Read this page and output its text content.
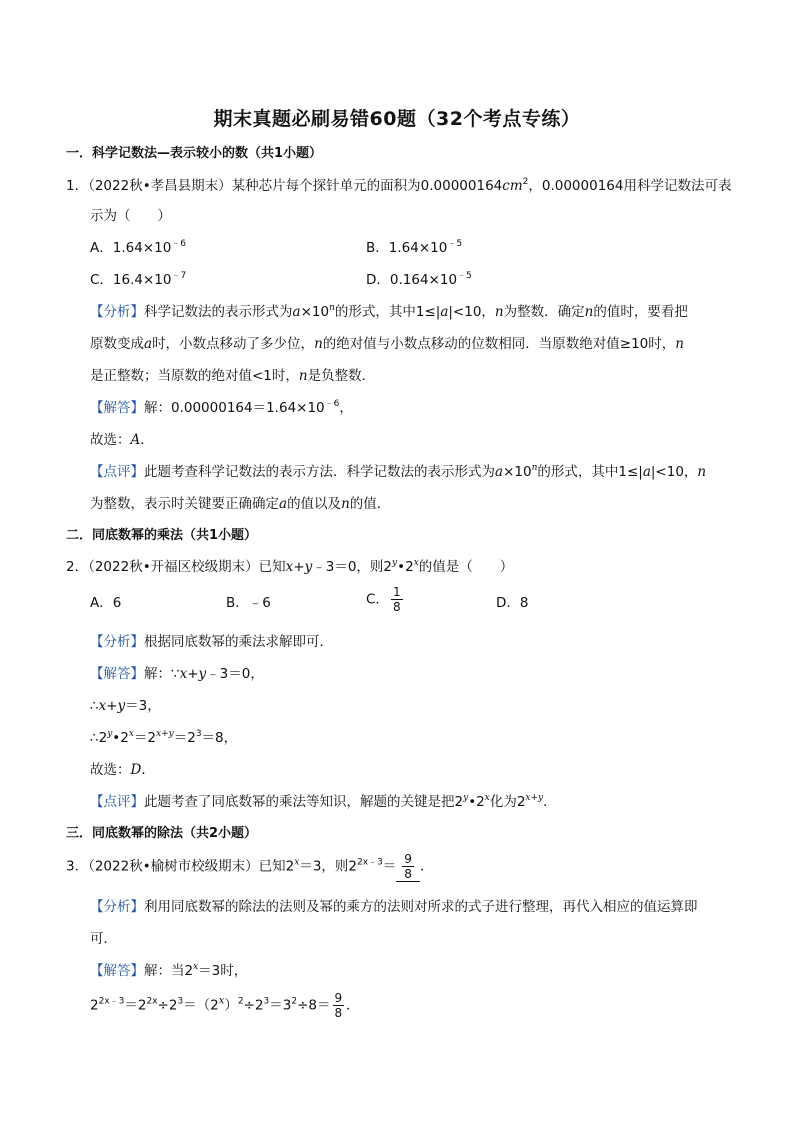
期末真题必刷易错60题（32个考点专练）
一．科学记数法—表示较小的数（共1小题）
1．（2022秋•孝昌县期末）某种芯片每个探针单元的面积为$0.00000164cm^2$，0.00000164用科学记数法可表
示为（　　）
A．$1.64\times 10^{﹣6}$	B．$1.64\times 10^{﹣5}$
C．$16.4\times 10^{﹣7}$	D．$0.164\times 10^{﹣5}$
【分析】科学记数法的表示形式为$a\times 10^n$的形式，其中1≤|a|<10，n为整数．确定n的值时，要看把
原数变成a时，小数点移动了多少位，n的绝对值与小数点移动的位数相同．当原数绝对值≥10时，n
是正整数；当原数的绝对值<1时，n是负整数．
【解答】解：$0.00000164=1.64\times 10^{﹣6}$，
故选：A．
【点评】此题考查科学记数法的表示方法．科学记数法的表示形式为$a\times 10^n$的形式，其中1≤|a|<10，n
为整数，表示时关键要正确确定a的值以及n的值．
二．同底数幂的乘法（共1小题）
2．（2022秋•开福区校级期末）已知x+y﹣3＝0，则2$^y$•2$^x$的值是（　　）
A．6	B．﹣6	C． $\frac{1}{8}$	D．8
【分析】根据同底数幂的乘法求解即可．
【解答】解：∵x+y﹣3＝0，
∴x+y＝3，
$\therefore 2^y•2^x=2^{x+y}=2^3=8$，
故选：D．
【点评】此题考查了同底数幂的乘法等知识，解题的关键是把2$^y$•2$^x$化为$2^{x+y}$．
三．同底数幂的除法（共2小题）
3．（2022秋•榆树市校级期末）已知$2^x=3$，则$2^{2x﹣3}= \frac{9}{8}$ ．
【分析】利用同底数幂的除法的法则及幂的乘方的法则对所求的式子进行整理，再代入相应的值运算即
可．
【解答】解：当$2^x=3$时，
$2^{2x﹣3}=2^{2x}\div 2^3=(2^x)^2\div 2^3=3^2\div 8= \frac{9}{8}$ ．
